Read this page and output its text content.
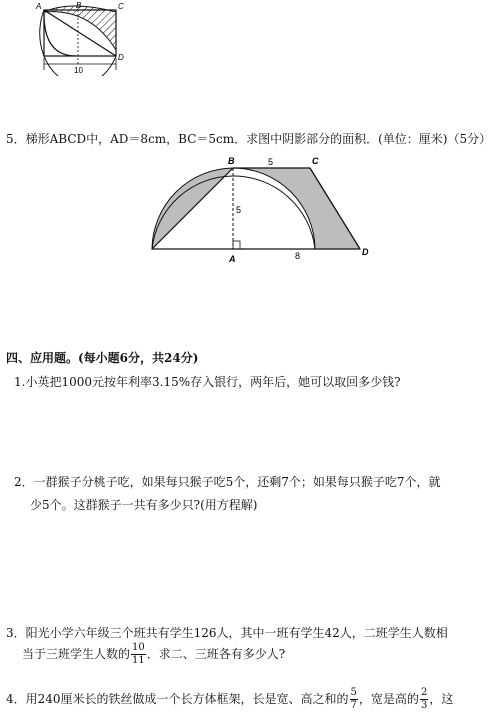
A	B	C
D
10
5．梯形ABCD中，AD＝8cm，BC＝5cm．求图中阴影部分的面积．(单位：厘米)（5分）
B	C
A
D
5
5
8
四、应用题。(每小题6分，共24分)
1.小英把1000元按年利率3.15%存入银行，两年后，她可以取回多少钱?
2．一群猴子分桃子吃，如果每只猴子吃5个，还剩7个；如果每只猴子吃7个，就
少5个。这群猴子一共有多少只?(用方程解)
3．阳光小学六年级三个班共有学生126人，其中一班有学生42人，二班学生人数相
当于三班学生人数的 $\frac{10}{11}$ ．求二、三班各有多少人?
4．用240厘米长的铁丝做成一个长方体框架，长是宽、高之和的 $\frac{5}{7}$ ，宽是高的 $\frac{2}{3}$ ，这
